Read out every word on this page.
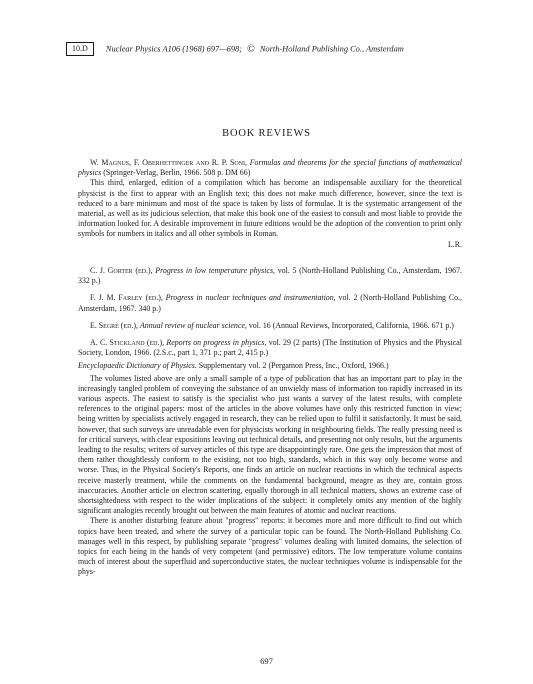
10.D Nuclear Physics A106 (1968) 697—698; © North-Holland Publishing Co., Amsterdam
BOOK REVIEWS

W. Magnus, F. Oberhettinger and R. P. Soni, Formulas and theorems for the special functions of mathematical physics (Springer-Verlag, Berlin, 1966. 508 p. DM 66)

This third, enlarged, edition of a compilation which has become an indispensable auxiliary for the theoretical physicist is the first to appear with an English text; this does not make much difference, however, since the text is reduced to a bare minimum and most of the space is taken by lists of formulae. It is the systematic arrangement of the material, as well as its judicious selection, that make this book one of the easiest to consult and most liable to provide the information looked for. A desirable improvement in future editions would be the adoption of the convention to print only symbols for numbers in italics and all other symbols in Roman.

L.R.

C. J. Gorter (ed.), Progress in low temperature physics, vol. 5 (North-Holland Publishing Co., Amsterdam, 1967. 332 p.)

F. J. M. Farley (ed.), Progress in nuclear techniques and instrumentation, vol. 2 (North-Holland Publishing Co., Amsterdam, 1967. 340 p.)

E. Segrè (ed.), Annual review of nuclear science, vol. 16 (Annual Reviews, Incorporated, California, 1966. 671 p.)

A. C. Stickland (ed.), Reports on progress in physics, vol. 29 (2 parts) (The Institution of Physics and the Physical Society, London, 1966. (2.S.c., part 1, 371 p.; part 2, 415 p.)

Encyclopaedic Dictionary of Physics. Supplementary vol. 2 (Pergamon Press, Inc., Oxford, 1966.)

The volumes listed above are only a small sample of a type of publication that has an important part to play in the increasingly tangled problem of conveying the substance of an unwieldy mass of information too rapidly increased in its various aspects. The easiest to satisfy is the specialist who just wants a survey of the latest results, with complete references to the original papers: most of the articles in the above volumes have only this restricted function in view; being written by specialists actively engaged in research, they can be relied upon to fulfil it satisfactorily. It must be said, however, that such surveys are unreadable even for physicists working in neighbouring fields. The really pressing need is for critical surveys, with clear expositions leaving out technical details, and presenting not only results, but the arguments leading to the results; writers of survey articles of this type are disappointingly rare. One gets the impression that most of them rather thoughtlessly conform to the existing, not too high, standards, which in this way only become worse and worse. Thus, in the Physical Society's Reports, one finds an article on nuclear reactions in which the technical aspects receive masterly treatment, while the comments on the fundamental background, meagre as they are, contain gross inaccuracies. Another article on electron scattering, equally thorough in all technical matters, shows an extreme case of shortsightedness with respect to the wider implications of the subject: it completely omits any mention of the highly significant analogies recently brought out between the main features of atomic and nuclear reactions.

There is another disturbing feature about "progress" reports: it becomes more and more difficult to find out which topics have been treated, and where the survey of a particular topic can be found. The North-Holland Publishing Co. manages well in this respect, by publishing separate "progress" volumes dealing with limited domains, the selection of topics for each being in the hands of very competent (and permissive) editors. The low temperature volume contains much of interest about the superfluid and superconductive states, the nuclear techniques volume is indispensable for the phys-

697
